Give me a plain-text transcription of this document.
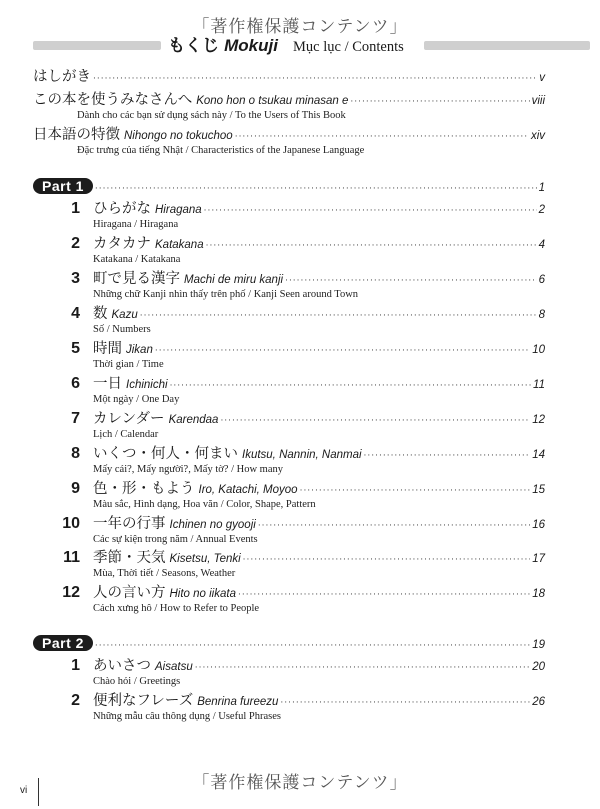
「著作権保護コンテンツ」
もくじ Mokuji Mục lục / Contents
はしがき ·····	v
この本を使うみなさんへ Kono hon o tsukau minasan e ·····	viii
Dành cho các bạn sử dụng sách này / To the Users of This Book
日本語の特徴 Nihongo no tokuchoo ·····	xiv
Đặc trưng của tiếng Nhật / Characteristics of the Japanese Language
Part 1 ·····	1
1 ひらがな Hiragana ·····	2
Hiragana / Hiragana
2 カタカナ Katakana ·····	4
Katakana / Katakana
3 町で見る漢字 Machi de miru kanji ·····	6
Những chữ Kanji nhìn thấy trên phố / Kanji Seen around Town
4 数 Kazu ·····	8
Số / Numbers
5 時間 Jikan ·····	10
Thời gian / Time
6 一日 Ichinichi ·····	11
Một ngày / One Day
7 カレンダー Karendaa ·····	12
Lịch / Calendar
8 いくつ・何人・何まい Ikutsu, Nannin, Nanmai ·····	14
Mấy cái?, Mấy người?, Mấy tờ? / How many
9 色・形・もよう Iro, Katachi, Moyoo ·····	15
Màu sắc, Hình dạng, Hoa văn / Color, Shape, Pattern
10 一年の行事 Ichinen no gyooji ·····	16
Các sự kiện trong năm / Annual Events
11 季節・天気 Kisetsu, Tenki ·····	17
Mùa, Thời tiết / Seasons, Weather
12 人の言い方 Hito no iikata ·····	18
Cách xưng hô / How to Refer to People
Part 2 ·····	19
1 あいさつ Aisatsu ·····	20
Chào hỏi / Greetings
2 便利なフレーズ Benrina fureezu ·····	26
Những mẫu câu thông dụng / Useful Phrases
「著作権保護コンテンツ」
vi
